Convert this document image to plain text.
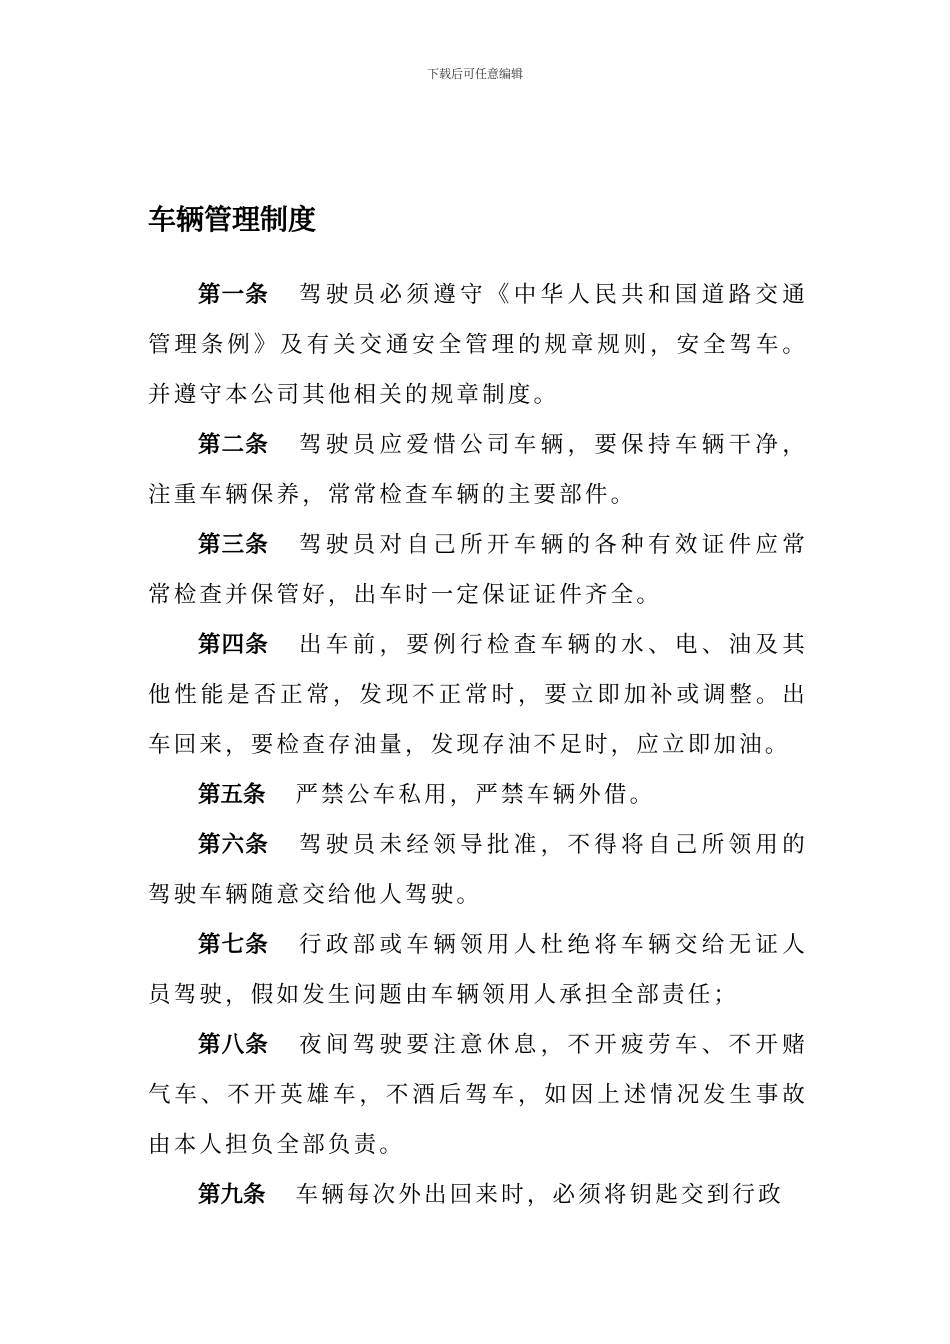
下载后可任意编辑
车辆管理制度

第一条 驾驶员必须遵守《中华人民共和国道路交通管理条例》及有关交通安全管理的规章规则，安全驾车。并遵守本公司其他相关的规章制度。

第二条 驾驶员应爱惜公司车辆，要保持车辆干净，注重车辆保养，常常检查车辆的主要部件。

第三条 驾驶员对自己所开车辆的各种有效证件应常常检查并保管好，出车时一定保证证件齐全。

第四条 出车前，要例行检查车辆的水、电、油及其他性能是否正常，发现不正常时，要立即加补或调整。出车回来，要检查存油量，发现存油不足时，应立即加油。

第五条 严禁公车私用，严禁车辆外借。

第六条 驾驶员未经领导批准，不得将自己所领用的驾驶车辆随意交给他人驾驶。

第七条 行政部或车辆领用人杜绝将车辆交给无证人员驾驶，假如发生问题由车辆领用人承担全部责任；

第八条 夜间驾驶要注意休息，不开疲劳车、不开赌气车、不开英雄车，不酒后驾车，如因上述情况发生事故由本人担负全部负责。

第九条 车辆每次外出回来时，必须将钥匙交到行政
